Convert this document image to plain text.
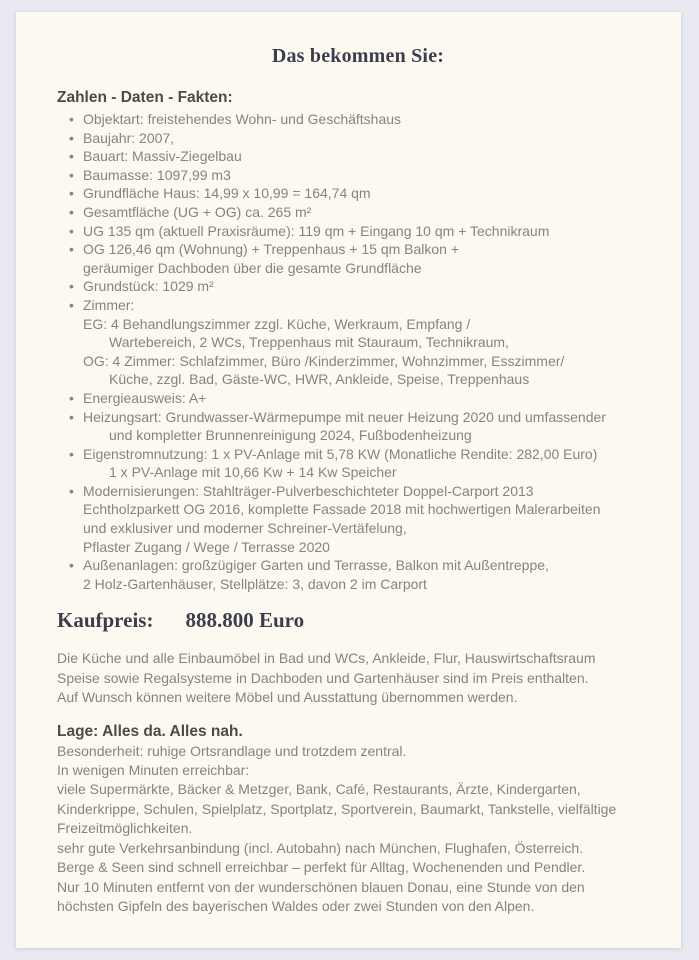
Das bekommen Sie:
Zahlen - Daten - Fakten:
• Objektart: freistehendes Wohn- und Geschäftshaus
• Baujahr: 2007,
• Bauart: Massiv-Ziegelbau
• Baumasse: 1097,99 m3
• Grundfläche Haus: 14,99 x 10,99 = 164,74 qm
• Gesamtfläche (UG + OG) ca. 265 m²
• UG 135 qm (aktuell Praxisräume): 119 qm + Eingang 10 qm + Technikraum
• OG 126,46 qm (Wohnung) + Treppenhaus + 15 qm Balkon +
geräumiger Dachboden über die gesamte Grundfläche
• Grundstück: 1029 m²
• Zimmer:
EG: 4 Behandlungszimmer zzgl. Küche, Werkraum, Empfang /
Wartebereich, 2 WCs, Treppenhaus mit Stauraum, Technikraum,
OG: 4 Zimmer: Schlafzimmer, Büro /Kinderzimmer, Wohnzimmer, Esszimmer/
Küche, zzgl. Bad, Gäste-WC, HWR, Ankleide, Speise, Treppenhaus
• Energieausweis: A+
• Heizungsart: Grundwasser-Wärmepumpe mit neuer Heizung 2020 und umfassender
und kompletter Brunnenreinigung 2024, Fußbodenheizung
• Eigenstromnutzung: 1 x PV-Anlage mit 5,78 KW (Monatliche Rendite: 282,00 Euro)
1 x PV-Anlage mit 10,66 Kw + 14 Kw Speicher
• Modernisierungen: Stahlträger-Pulverbeschichteter Doppel-Carport 2013
Echtholzparkett OG 2016, komplette Fassade 2018 mit hochwertigen Malerarbeiten
und exklusiver und moderner Schreiner-Vertäfelung,
Pflaster Zugang / Wege / Terrasse 2020
• Außenanlagen: großzügiger Garten und Terrasse, Balkon mit Außentreppe,
2 Holz-Gartenhäuser, Stellplätze: 3, davon 2 im Carport
Kaufpreis: 888.800 Euro
Die Küche und alle Einbaumöbel in Bad und WCs, Ankleide, Flur, Hauswirtschaftsraum
Speise sowie Regalsysteme in Dachboden und Gartenhäuser sind im Preis enthalten.
Auf Wunsch können weitere Möbel und Ausstattung übernommen werden.
Lage: Alles da. Alles nah.
Besonderheit: ruhige Ortsrandlage und trotzdem zentral.
In wenigen Minuten erreichbar:
viele Supermärkte, Bäcker & Metzger, Bank, Café, Restaurants, Ärzte, Kindergarten,
Kinderkrippe, Schulen, Spielplatz, Sportplatz, Sportverein, Baumarkt, Tankstelle, vielfältige
Freizeitmöglichkeiten.
sehr gute Verkehrsanbindung (incl. Autobahn) nach München, Flughafen, Österreich.
Berge & Seen sind schnell erreichbar – perfekt für Alltag, Wochenenden und Pendler.
Nur 10 Minuten entfernt von der wunderschönen blauen Donau, eine Stunde von den
höchsten Gipfeln des bayerischen Waldes oder zwei Stunden von den Alpen.
